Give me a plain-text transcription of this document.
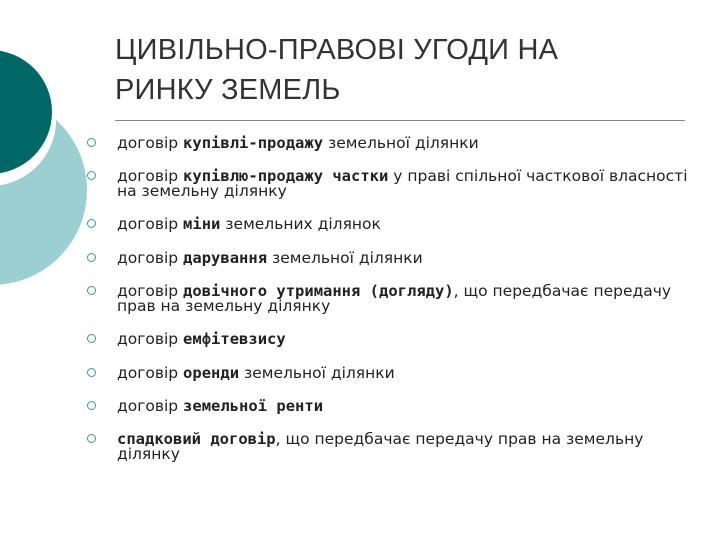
ЦИВІЛЬНО-ПРАВОВІ УГОДИ НА
РИНКУ ЗЕМЕЛЬ
договір купівлі-продажу земельної ділянки
договір купівлю-продажу частки у праві спільної часткової власності на земельну ділянку
договір міни земельних ділянок
договір дарування земельної ділянки
договір довічного утримання (догляду), що передбачає передачу прав на земельну ділянку
договір емфітевзису
договір оренди земельної ділянки
договір земельної ренти
спадковий договір, що передбачає передачу прав на земельну ділянку
